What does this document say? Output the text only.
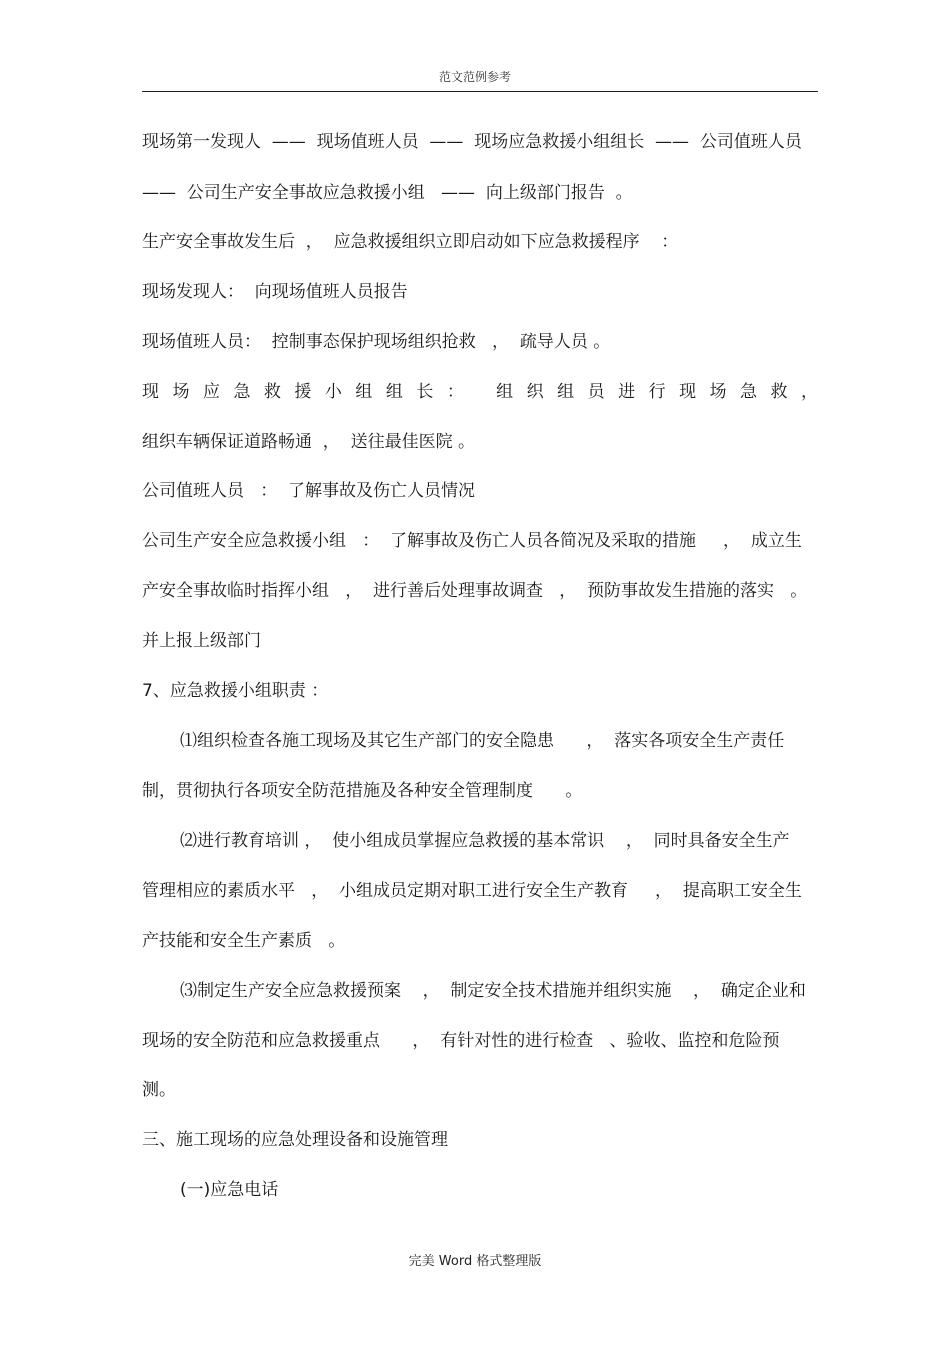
范文范例参考
现场第一发现人  ——  现场值班人员  ——  现场应急救援小组组长  ——  公司值班人员
——  公司生产安全事故应急救援小组   ——  向上级部门报告  。
生产安全事故发生后  ，  应急救援组织立即启动如下应急救援程序    ：
现场发现人：  向现场值班人员报告
现场值班人员：  控制事态保护现场组织抢救   ，  疏导人员 。
现场应急救援小组组长： 组织组员进行现场急救，
组织车辆保证道路畅通  ，  送往最佳医院 。
公司值班人员   ：  了解事故及伤亡人员情况
公司生产安全应急救援小组   ：  了解事故及伤亡人员各简况及采取的措施     ，  成立生
产安全事故临时指挥小组   ，  进行善后处理事故调查   ，  预防事故发生措施的落实   。
并上报上级部门
7、应急救援小组职责 ：
⑴组织检查各施工现场及其它生产部门的安全隐患      ，  落实各项安全生产责任
制，贯彻执行各项安全防范措施及各种安全管理制度      。
⑵进行教育培训 ，  使小组成员掌握应急救援的基本常识    ，  同时具备安全生产
管理相应的素质水平   ，  小组成员定期对职工进行安全生产教育     ，  提高职工安全生
产技能和安全生产素质   。
⑶制定生产安全应急救援预案    ，  制定安全技术措施并组织实施    ，  确定企业和
现场的安全防范和应急救援重点      ，  有针对性的进行检查   、验收、监控和危险预
测。
三、施工现场的应急处理设备和设施管理
(一)应急电话
完美 Word 格式整理版
